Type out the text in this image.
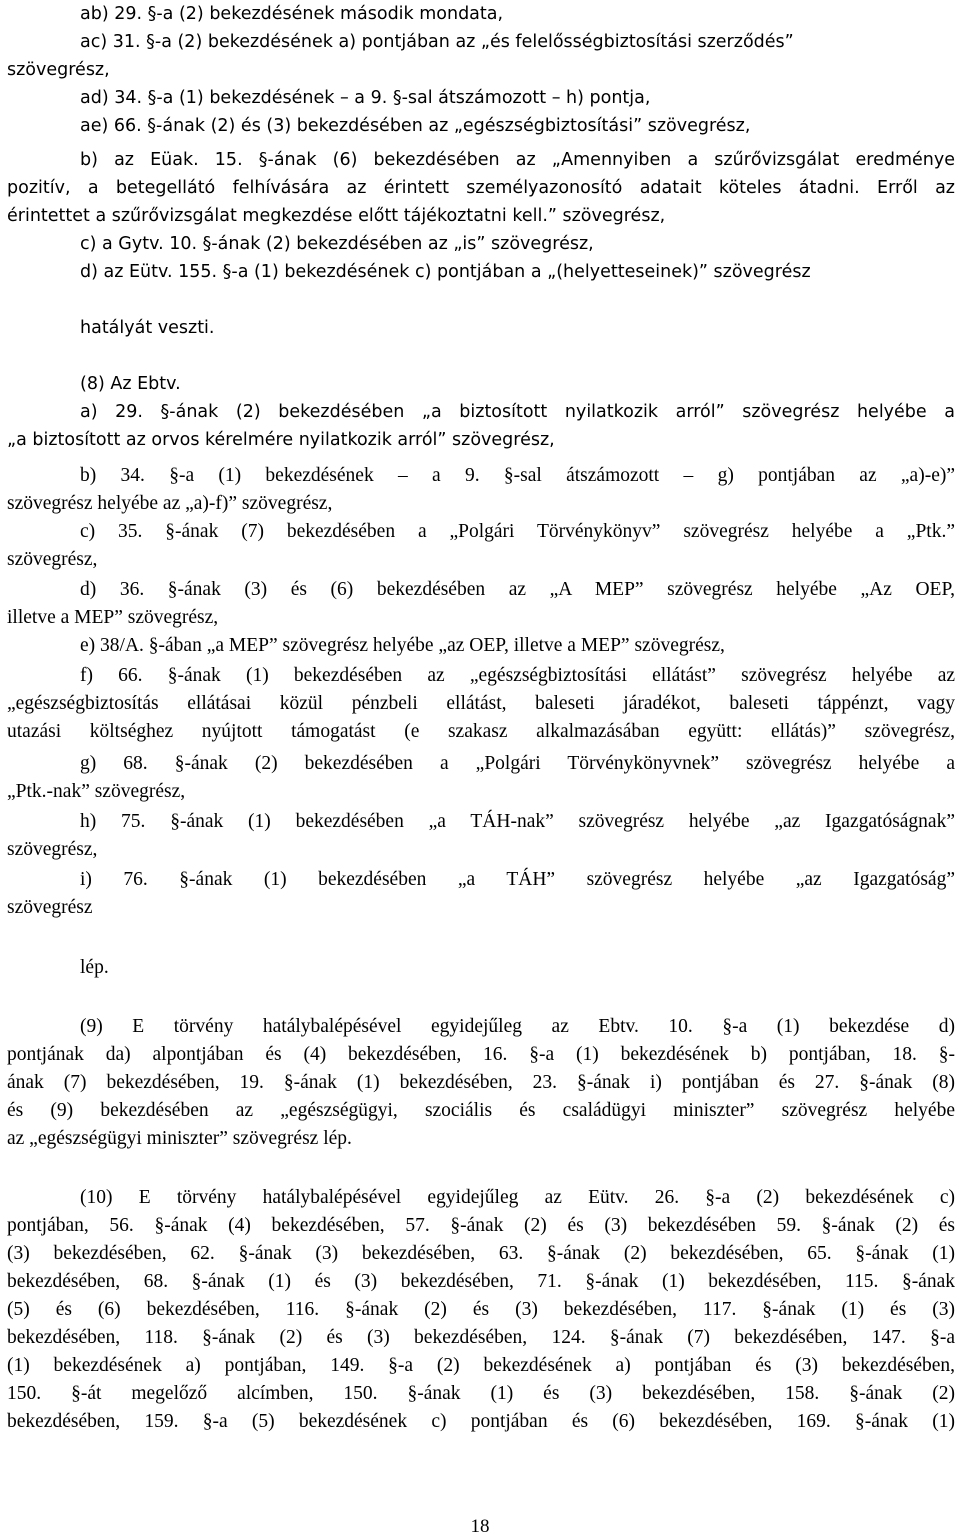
ab) 29. §-a (2) bekezdésének második mondata,
ac) 31. §-a (2) bekezdésének a) pontjában az „és felelősségbiztosítási szerződés”
szövegrész,
ad) 34. §-a (1) bekezdésének – a 9. §-sal átszámozott – h) pontja,
ae) 66. §-ának (2) és (3) bekezdésében az „egészségbiztosítási” szövegrész,
b) az Eüak. 15. §-ának (6) bekezdésében az „Amennyiben a szűrővizsgálat eredménye
pozitív, a betegellátó felhívására az érintett személyazonosító adatait köteles átadni. Erről az
érintettet a szűrővizsgálat megkezdése előtt tájékoztatni kell.” szövegrész,
c) a Gytv. 10. §-ának (2) bekezdésében az „is” szövegrész,
d) az Eütv. 155. §-a (1) bekezdésének c) pontjában a „(helyetteseinek)” szövegrész
hatályát veszti.
(8) Az Ebtv.
a) 29. §-ának (2) bekezdésében „a biztosított nyilatkozik arról” szövegrész helyébe a
„a biztosított az orvos kérelmére nyilatkozik arról” szövegrész,
b) 34. §-a (1) bekezdésének – a 9. §-sal átszámozott – g) pontjában az „a)-e)”
szövegrész helyébe az „a)-f)” szövegrész,
c) 35. §-ának (7) bekezdésében a „Polgári Törvénykönyv” szövegrész helyébe a „Ptk.”
szövegrész,
d) 36. §-ának (3) és (6) bekezdésében az „A MEP” szövegrész helyébe „Az OEP,
illetve a MEP” szövegrész,
e) 38/A. §-ában „a MEP” szövegrész helyébe „az OEP, illetve a MEP” szövegrész,
f) 66. §-ának (1) bekezdésében az „egészségbiztosítási ellátást” szövegrész helyébe az
„egészségbiztosítás ellátásai közül pénzbeli ellátást, baleseti járadékot, baleseti táppénzt, vagy
utazási költséghez nyújtott támogatást (e szakasz alkalmazásában együtt: ellátás)” szövegrész,
g) 68. §-ának (2) bekezdésében a „Polgári Törvénykönyvnek” szövegrész helyébe a
„Ptk.-nak” szövegrész,
h) 75. §-ának (1) bekezdésében „a TÁH-nak” szövegrész helyébe „az Igazgatóságnak”
szövegrész,
i) 76. §-ának (1) bekezdésében „a TÁH” szövegrész helyébe „az Igazgatóság”
szövegrész
lép.
(9) E törvény hatálybalépésével egyidejűleg az Ebtv. 10. §-a (1) bekezdése d)
pontjának da) alpontjában és (4) bekezdésében, 16. §-a (1) bekezdésének b) pontjában, 18. §-
ának (7) bekezdésében, 19. §-ának (1) bekezdésében, 23. §-ának i) pontjában és 27. §-ának (8)
és (9) bekezdésében az „egészségügyi, szociális és családügyi miniszter” szövegrész helyébe
az „egészségügyi miniszter” szövegrész lép.
(10) E törvény hatálybalépésével egyidejűleg az Eütv. 26. §-a (2) bekezdésének c)
pontjában, 56. §-ának (4) bekezdésében, 57. §-ának (2) és (3) bekezdésében 59. §-ának (2) és
(3) bekezdésében, 62. §-ának (3) bekezdésében, 63. §-ának (2) bekezdésében, 65. §-ának (1)
bekezdésében, 68. §-ának (1) és (3) bekezdésében, 71. §-ának (1) bekezdésében, 115. §-ának
(5) és (6) bekezdésében, 116. §-ának (2) és (3) bekezdésében, 117. §-ának (1) és (3)
bekezdésében, 118. §-ának (2) és (3) bekezdésében, 124. §-ának (7) bekezdésében, 147. §-a
(1) bekezdésének a) pontjában, 149. §-a (2) bekezdésének a) pontjában és (3) bekezdésében,
150. §-át megelőző alcímben, 150. §-ának (1) és (3) bekezdésében, 158. §-ának (2)
bekezdésében, 159. §-a (5) bekezdésének c) pontjában és (6) bekezdésében, 169. §-ának (1)
18
